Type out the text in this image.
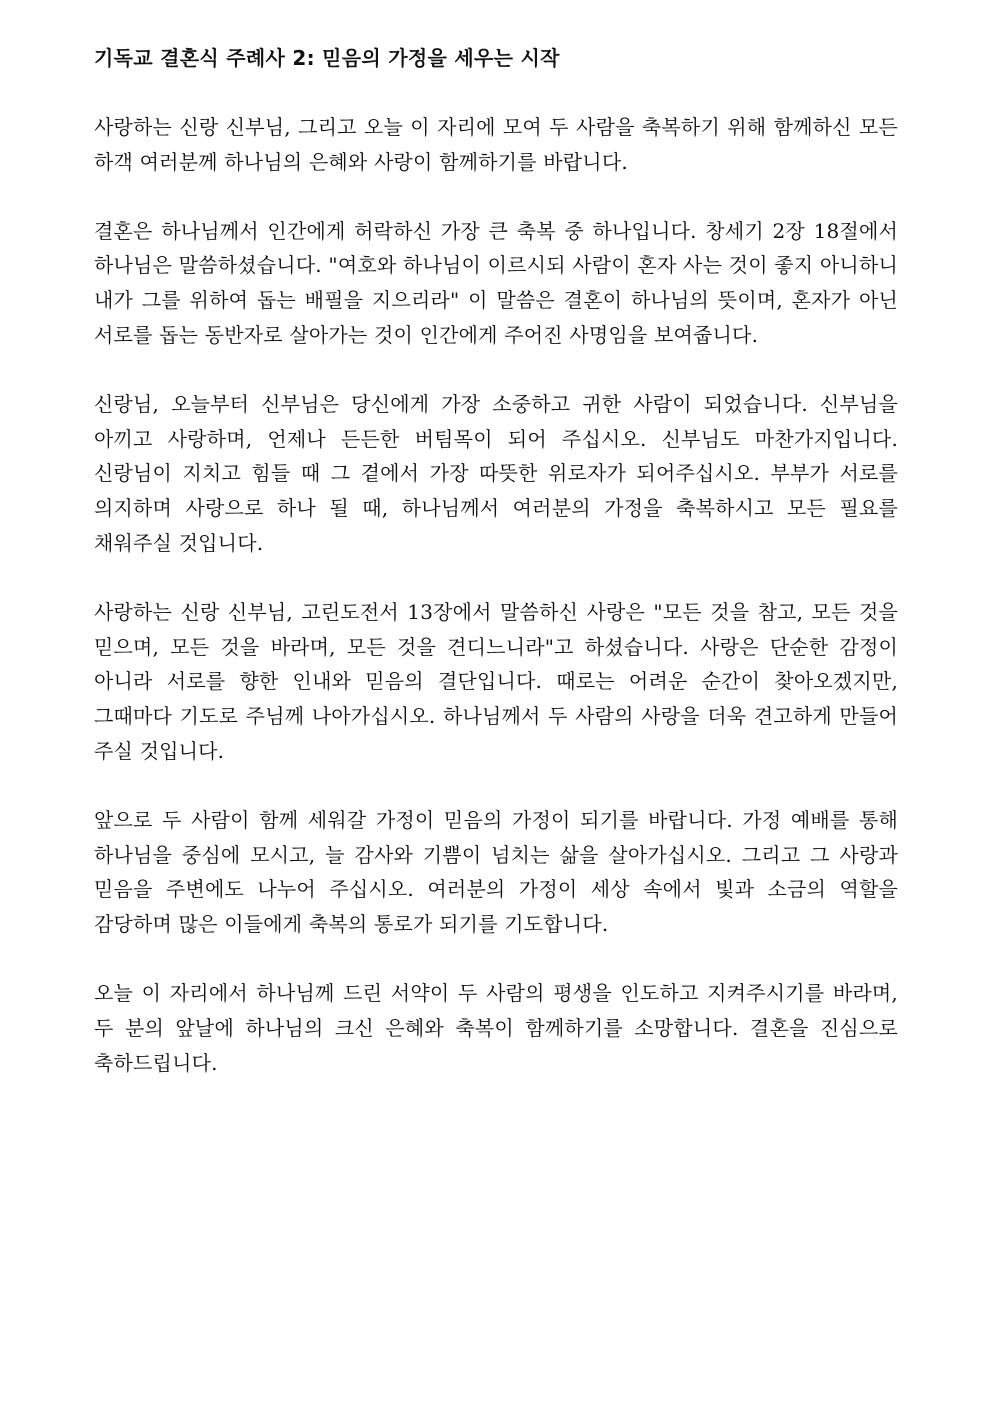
기독교 결혼식 주례사 2: 믿음의 가정을 세우는 시작

사랑하는 신랑 신부님, 그리고 오늘 이 자리에 모여 두 사람을 축복하기 위해 함께하신 모든 하객 여러분께 하나님의 은혜와 사랑이 함께하기를 바랍니다.

결혼은 하나님께서 인간에게 허락하신 가장 큰 축복 중 하나입니다. 창세기 2장 18절에서 하나님은 말씀하셨습니다. "여호와 하나님이 이르시되 사람이 혼자 사는 것이 좋지 아니하니 내가 그를 위하여 돕는 배필을 지으리라" 이 말씀은 결혼이 하나님의 뜻이며, 혼자가 아닌 서로를 돕는 동반자로 살아가는 것이 인간에게 주어진 사명임을 보여줍니다.

신랑님, 오늘부터 신부님은 당신에게 가장 소중하고 귀한 사람이 되었습니다. 신부님을 아끼고 사랑하며, 언제나 든든한 버팀목이 되어 주십시오. 신부님도 마찬가지입니다. 신랑님이 지치고 힘들 때 그 곁에서 가장 따뜻한 위로자가 되어주십시오. 부부가 서로를 의지하며 사랑으로 하나 될 때, 하나님께서 여러분의 가정을 축복하시고 모든 필요를 채워주실 것입니다.

사랑하는 신랑 신부님, 고린도전서 13장에서 말씀하신 사랑은 "모든 것을 참고, 모든 것을 믿으며, 모든 것을 바라며, 모든 것을 견디느니라"고 하셨습니다. 사랑은 단순한 감정이 아니라 서로를 향한 인내와 믿음의 결단입니다. 때로는 어려운 순간이 찾아오겠지만, 그때마다 기도로 주님께 나아가십시오. 하나님께서 두 사람의 사랑을 더욱 견고하게 만들어 주실 것입니다.

앞으로 두 사람이 함께 세워갈 가정이 믿음의 가정이 되기를 바랍니다. 가정 예배를 통해 하나님을 중심에 모시고, 늘 감사와 기쁨이 넘치는 삶을 살아가십시오. 그리고 그 사랑과 믿음을 주변에도 나누어 주십시오. 여러분의 가정이 세상 속에서 빛과 소금의 역할을 감당하며 많은 이들에게 축복의 통로가 되기를 기도합니다.

오늘 이 자리에서 하나님께 드린 서약이 두 사람의 평생을 인도하고 지켜주시기를 바라며, 두 분의 앞날에 하나님의 크신 은혜와 축복이 함께하기를 소망합니다. 결혼을 진심으로 축하드립니다.
